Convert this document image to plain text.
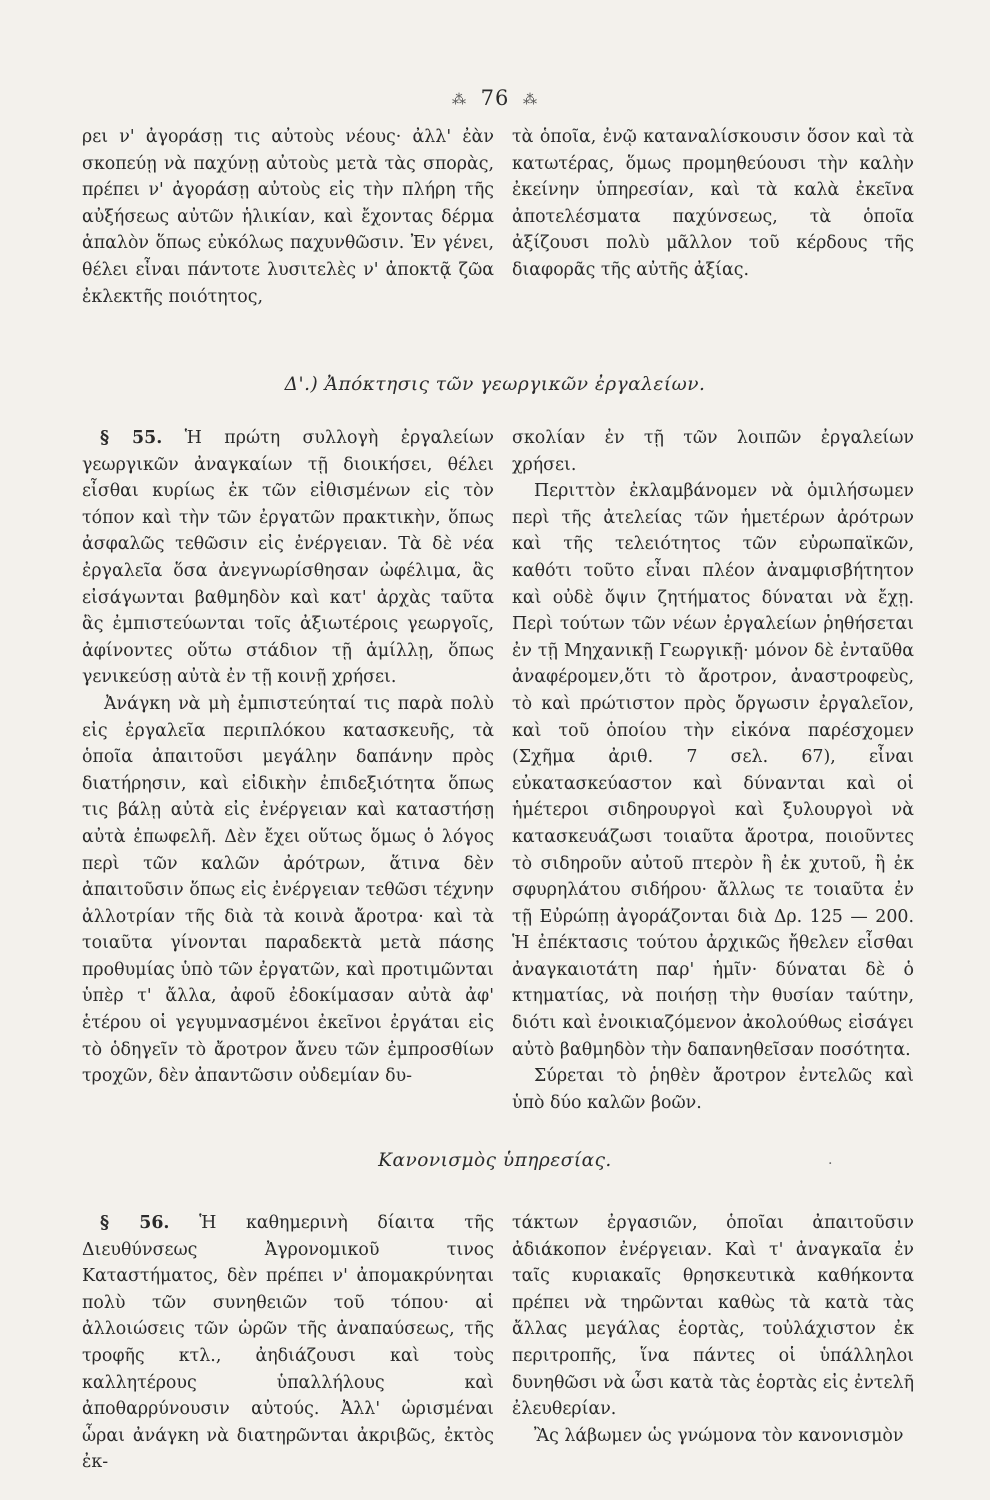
⁂ 76 ⁂

ρει ν' ἀγοράσῃ τις αὐτοὺς νέους· ἀλλ' ἐὰν σκοπεύῃ νὰ παχύνῃ αὐτοὺς μετὰ τὰς σπορὰς, πρέπει ν' ἀγοράσῃ αὐτοὺς εἰς τὴν πλήρη τῆς αὐξήσεως αὐτῶν ἡλικίαν, καὶ ἔχοντας δέρμα ἁπαλὸν ὅπως εὐκόλως παχυνθῶσιν. Ἐν γένει, θέλει εἶναι πάντοτε λυσιτελὲς ν' ἀποκτᾷ ζῶα ἐκλεκτῆς ποιότητος,

τὰ ὁποῖα, ἐνῷ καταναλίσκουσιν ὅσον καὶ τὰ κατωτέρας, ὅμως προμηθεύουσι τὴν καλὴν ἐκείνην ὑπηρεσίαν, καὶ τὰ καλὰ ἐκεῖνα ἀποτελέσματα παχύνσεως, τὰ ὁποῖα ἀξίζουσι πολὺ μᾶλλον τοῦ κέρδους τῆς διαφορᾶς τῆς αὐτῆς ἀξίας.

Δ'.) Ἀπόκτησις τῶν γεωργικῶν ἐργαλείων.

§ 55. Ἡ πρώτη συλλογὴ ἐργαλείων γεωργικῶν ἀναγκαίων τῇ διοικήσει, θέλει εἶσθαι κυρίως ἐκ τῶν εἰθισμένων εἰς τὸν τόπον καὶ τὴν τῶν ἐργατῶν πρακτικὴν, ὅπως ἀσφαλῶς τεθῶσιν εἰς ἐνέργειαν. Τὰ δὲ νέα ἐργαλεῖα ὅσα ἀνεγνωρίσθησαν ὠφέλιμα, ἃς εἰσάγωνται βαθμηδὸν καὶ κατ' ἀρχὰς ταῦτα ἃς ἐμπιστεύωνται τοῖς ἀξιωτέροις γεωργοῖς, ἀφίνοντες οὕτω στάδιον τῇ ἁμίλλῃ, ὅπως γενικεύσῃ αὐτὰ ἐν τῇ κοινῇ χρήσει.

Ἀνάγκη νὰ μὴ ἐμπιστεύηταί τις παρὰ πολὺ εἰς ἐργαλεῖα περιπλόκου κατασκευῆς, τὰ ὁποῖα ἀπαιτοῦσι μεγάλην δαπάνην πρὸς διατήρησιν, καὶ εἰδικὴν ἐπιδεξιότητα ὅπως τις βάλῃ αὐτὰ εἰς ἐνέργειαν καὶ καταστήσῃ αὐτὰ ἐπωφελῆ. Δὲν ἔχει οὕτως ὅμως ὁ λόγος περὶ τῶν καλῶν ἀρότρων, ἅτινα δὲν ἀπαιτοῦσιν ὅπως εἰς ἐνέργειαν τεθῶσι τέχνην ἀλλοτρίαν τῆς διὰ τὰ κοινὰ ἄροτρα· καὶ τὰ τοιαῦτα γίνονται παραδεκτὰ μετὰ πάσης προθυμίας ὑπὸ τῶν ἐργατῶν, καὶ προτιμῶνται ὑπὲρ τ' ἄλλα, ἀφοῦ ἐδοκίμασαν αὐτὰ ἀφ' ἑτέρου οἱ γεγυμνασμένοι ἐκεῖνοι ἐργάται εἰς τὸ ὁδηγεῖν τὸ ἄροτρον ἄνευ τῶν ἐμπροσθίων τροχῶν, δὲν ἀπαντῶσιν οὐδεμίαν δυ-

σκολίαν ἐν τῇ τῶν λοιπῶν ἐργαλείων χρήσει.

Περιττὸν ἐκλαμβάνομεν νὰ ὁμιλήσωμεν περὶ τῆς ἀτελείας τῶν ἡμετέρων ἀρότρων καὶ τῆς τελειότητος τῶν εὐρωπαϊκῶν, καθότι τοῦτο εἶναι πλέον ἀναμφισβήτητον καὶ οὐδὲ ὄψιν ζητήματος δύναται νὰ ἔχῃ. Περὶ τούτων τῶν νέων ἐργαλείων ῥηθήσεται ἐν τῇ Μηχανικῇ Γεωργικῇ· μόνον δὲ ἐνταῦθα ἀναφέρομεν,ὅτι τὸ ἄροτρον, ἀναστροφεὺς, τὸ καὶ πρώτιστον πρὸς ὄργωσιν ἐργαλεῖον, καὶ τοῦ ὁποίου τὴν εἰκόνα παρέσχομεν (Σχῆμα ἀριθ. 7 σελ. 67), εἶναι εὐκατασκεύαστον καὶ δύνανται καὶ οἱ ἡμέτεροι σιδηρουργοὶ καὶ ξυλουργοὶ νὰ κατασκευάζωσι τοιαῦτα ἄροτρα, ποιοῦντες τὸ σιδηροῦν αὐτοῦ πτερὸν ἢ ἐκ χυτοῦ, ἢ ἐκ σφυρηλάτου σιδήρου· ἄλλως τε τοιαῦτα ἐν τῇ Εὐρώπῃ ἀγοράζονται διὰ Δρ. 125 — 200. Ἡ ἐπέκτασις τούτου ἀρχικῶς ἤθελεν εἶσθαι ἀναγκαιοτάτη παρ' ἡμῖν· δύναται δὲ ὁ κτηματίας, νὰ ποιήσῃ τὴν θυσίαν ταύτην, διότι καὶ ἐνοικιαζόμενον ἀκολούθως εἰσάγει αὐτὸ βαθμηδὸν τὴν δαπανηθεῖσαν ποσότητα.

Σύρεται τὸ ῥηθὲν ἄροτρον ἐντελῶς καὶ ὑπὸ δύο καλῶν βοῶν.

Κανονισμὸς ὑπηρεσίας.	.

§ 56. Ἡ καθημερινὴ δίαιτα τῆς Διευθύνσεως Ἀγρονομικοῦ τινος Καταστήματος, δὲν πρέπει ν' ἀπομακρύνηται πολὺ τῶν συνηθειῶν τοῦ τόπου· αἱ ἀλλοιώσεις τῶν ὡρῶν τῆς ἀναπαύσεως, τῆς τροφῆς κτλ., ἀηδιάζουσι καὶ τοὺς καλλητέρους ὑπαλλήλους καὶ ἀποθαρρύνουσιν αὐτούς. Ἀλλ' ὡρισμέναι ὧραι ἀνάγκη νὰ διατηρῶνται ἀκριβῶς, ἐκτὸς ἐκ-

τάκτων ἐργασιῶν, ὁποῖαι ἀπαιτοῦσιν ἀδιάκοπον ἐνέργειαν. Καὶ τ' ἀναγκαῖα ἐν ταῖς κυριακαῖς θρησκευτικὰ καθήκοντα πρέπει νὰ τηρῶνται καθὼς τὰ κατὰ τὰς ἄλλας μεγάλας ἑορτὰς, τοὐλάχιστον ἐκ περιτροπῆς, ἵνα πάντες οἱ ὑπάλληλοι δυνηθῶσι νὰ ὦσι κατὰ τὰς ἑορτὰς εἰς ἐντελῆ ἐλευθερίαν.

Ἂς λάβωμεν ὡς γνώμονα τὸν κανονισμὸν
